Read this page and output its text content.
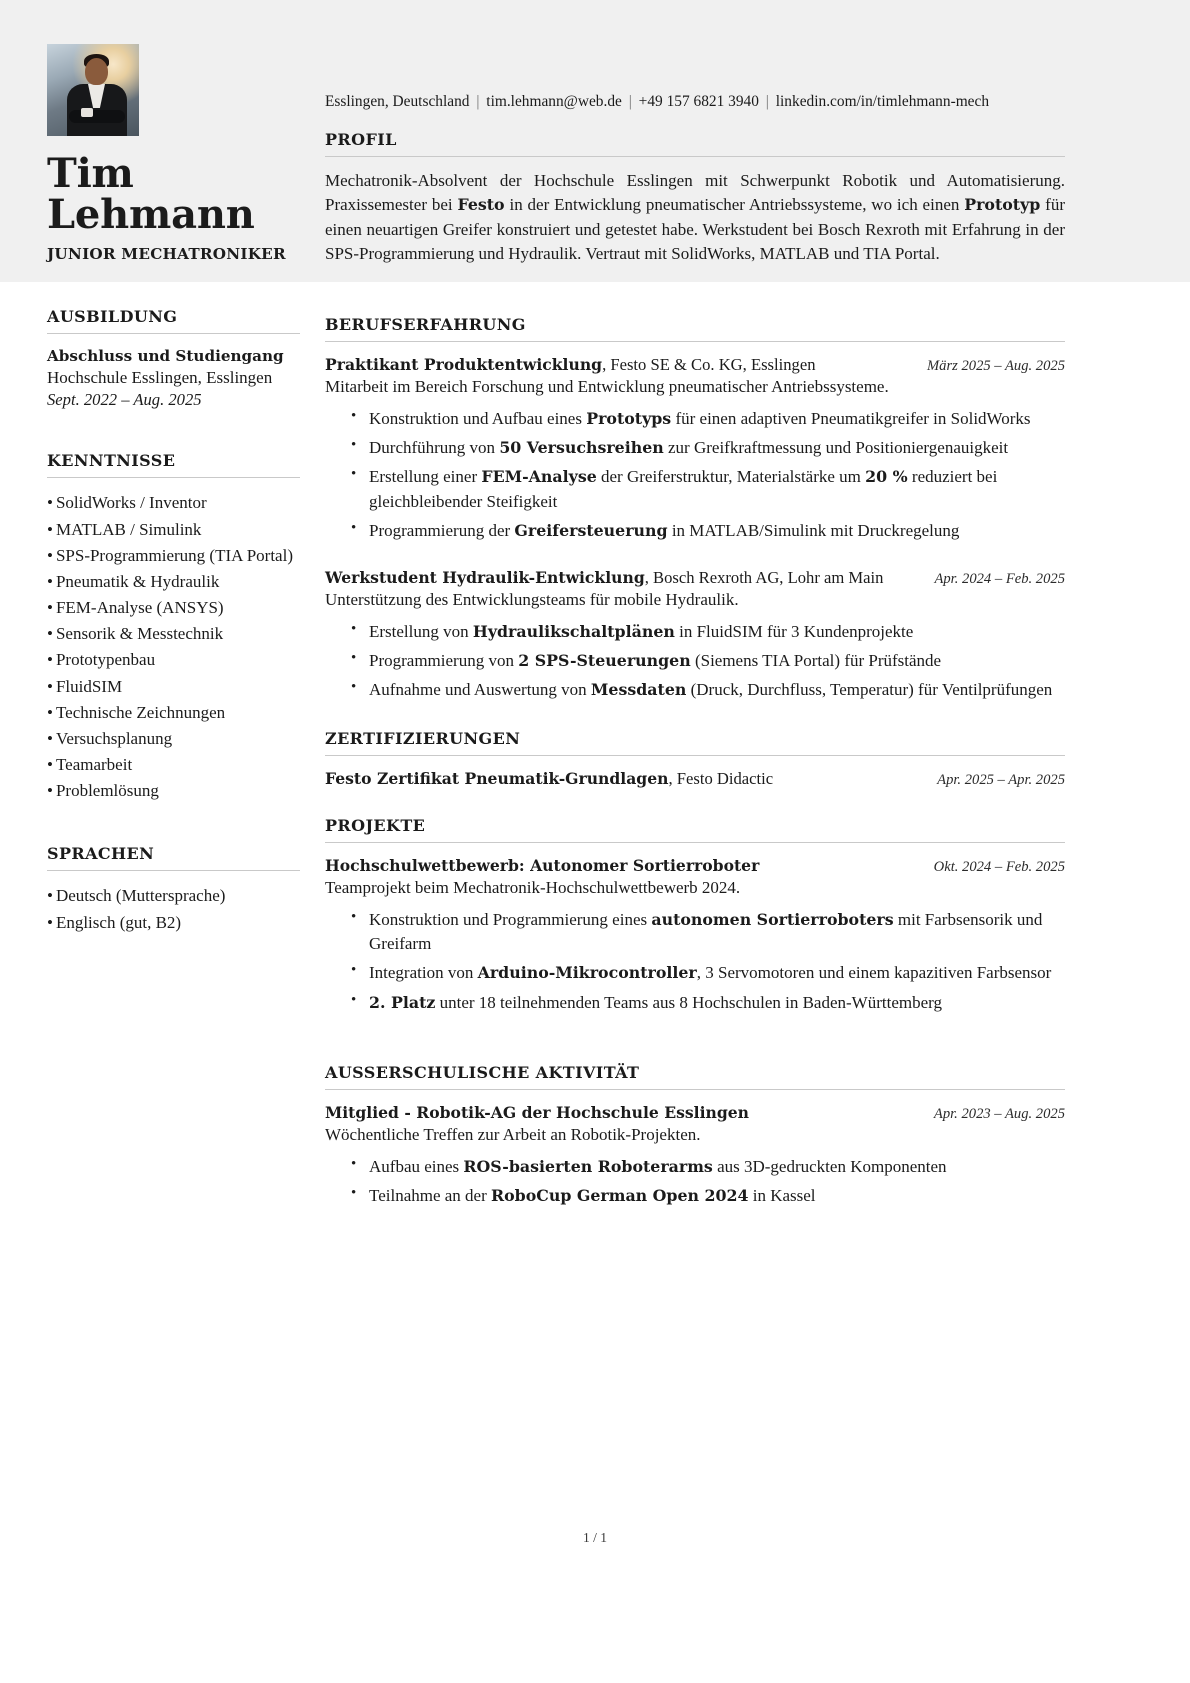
Tim
Lehmann
JUNIOR MECHATRONIKER
AUSBILDUNG
Abschluss und Studiengang
Hochschule Esslingen, Esslingen
Sept. 2022 – Aug. 2025
KENNTNISSE
• SolidWorks / Inventor
• MATLAB / Simulink
• SPS-Programmierung (TIA Portal)
• Pneumatik & Hydraulik
• FEM-Analyse (ANSYS)
• Sensorik & Messtechnik
• Prototypenbau
• FluidSIM
• Technische Zeichnungen
• Versuchsplanung
• Teamarbeit
• Problemlösung
SPRACHEN
• Deutsch (Muttersprache)
• Englisch (gut, B2)
Esslingen, Deutschland | tim.lehmann@web.de | +49 157 6821 3940 | linkedin.com/in/timlehmann-mech
PROFIL
Mechatronik-Absolvent der Hochschule Esslingen mit Schwerpunkt Robotik und Automatisierung. Praxissemester bei Festo in der Entwicklung pneumatischer Antriebssysteme, wo ich einen Prototyp für einen neuartigen Greifer konstruiert und getestet habe. Werkstudent bei Bosch Rexroth mit Erfahrung in der SPS-Programmierung und Hydraulik. Vertraut mit SolidWorks, MATLAB und TIA Portal.
BERUFSERFAHRUNG
Praktikant Produktentwicklung, Festo SE & Co. KG, Esslingen	März 2025 – Aug. 2025
Mitarbeit im Bereich Forschung und Entwicklung pneumatischer Antriebssysteme.
• Konstruktion und Aufbau eines Prototyps für einen adaptiven Pneumatikgreifer in SolidWorks
• Durchführung von 50 Versuchsreihen zur Greifkraftmessung und Positioniergenauigkeit
• Erstellung einer FEM-Analyse der Greiferstruktur, Materialstärke um 20 % reduziert bei gleichbleibender Steifigkeit
• Programmierung der Greifersteuerung in MATLAB/Simulink mit Druckregelung
Werkstudent Hydraulik-Entwicklung, Bosch Rexroth AG, Lohr am Main	Apr. 2024 – Feb. 2025
Unterstützung des Entwicklungsteams für mobile Hydraulik.
• Erstellung von Hydraulikschaltplänen in FluidSIM für 3 Kundenprojekte
• Programmierung von 2 SPS-Steuerungen (Siemens TIA Portal) für Prüfstände
• Aufnahme und Auswertung von Messdaten (Druck, Durchfluss, Temperatur) für Ventilprüfungen
ZERTIFIZIERUNGEN
Festo Zertifikat Pneumatik-Grundlagen, Festo Didactic	Apr. 2025 – Apr. 2025
PROJEKTE
Hochschulwettbewerb: Autonomer Sortierroboter	Okt. 2024 – Feb. 2025
Teamprojekt beim Mechatronik-Hochschulwettbewerb 2024.
• Konstruktion und Programmierung eines autonomen Sortierroboters mit Farbsensorik und Greifarm
• Integration von Arduino-Mikrocontroller, 3 Servomotoren und einem kapazitiven Farbsensor
• 2. Platz unter 18 teilnehmenden Teams aus 8 Hochschulen in Baden-Württemberg
AUSSERSCHULISCHE AKTIVITÄT
Mitglied - Robotik-AG der Hochschule Esslingen	Apr. 2023 – Aug. 2025
Wöchentliche Treffen zur Arbeit an Robotik-Projekten.
• Aufbau eines ROS-basierten Roboterarms aus 3D-gedruckten Komponenten
• Teilnahme an der RoboCup German Open 2024 in Kassel
1 / 1
